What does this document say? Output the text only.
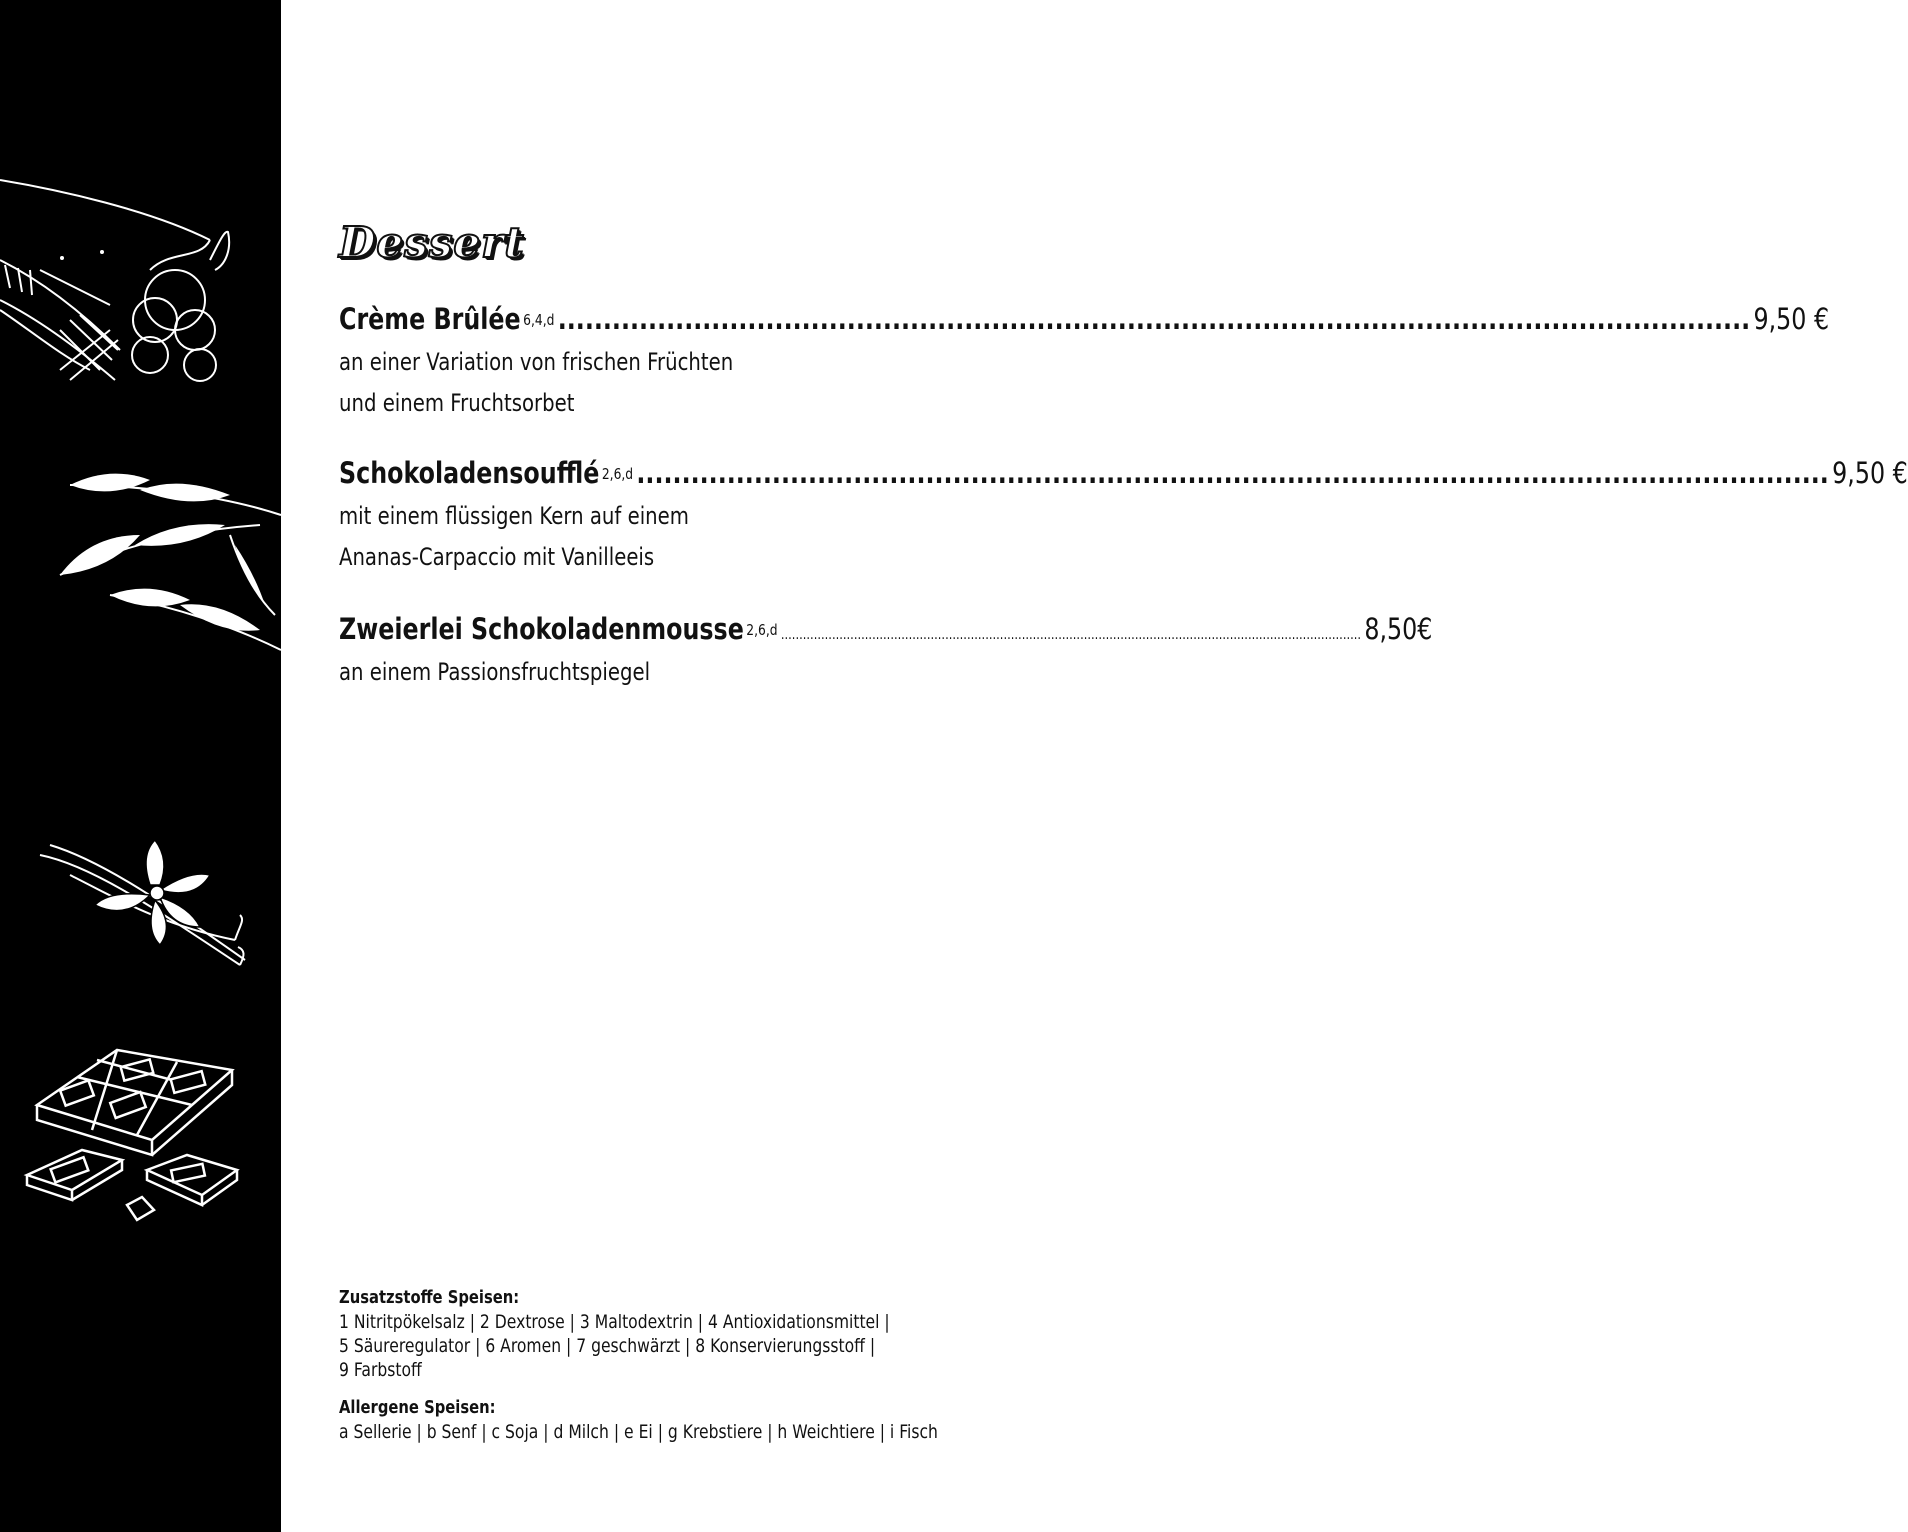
Dessert
Crème Brûlée 6,4,d .................................................................................................................................... 9,50 €
an einer Variation von frischen Früchten
und einem Fruchtsorbet
Schokoladensoufflé 2,6,d .................................................................................................................................... 9,50 €
mit einem flüssigen Kern auf einem
Ananas-Carpaccio mit Vanilleeis
Zweierlei Schokoladenmousse 2,6,d ............................................................................................................................................................... 8,50€
an einem Passionsfruchtspiegel
Zusatzstoffe Speisen:
1 Nitritpökelsalz | 2 Dextrose | 3 Maltodextrin | 4 Antioxidationsmittel |
5 Säureregulator | 6 Aromen | 7 geschwärzt | 8 Konservierungsstoff |
9 Farbstoff
Allergene Speisen:
a Sellerie | b Senf | c Soja | d Milch | e Ei | g Krebstiere | h Weichtiere | i Fisch
